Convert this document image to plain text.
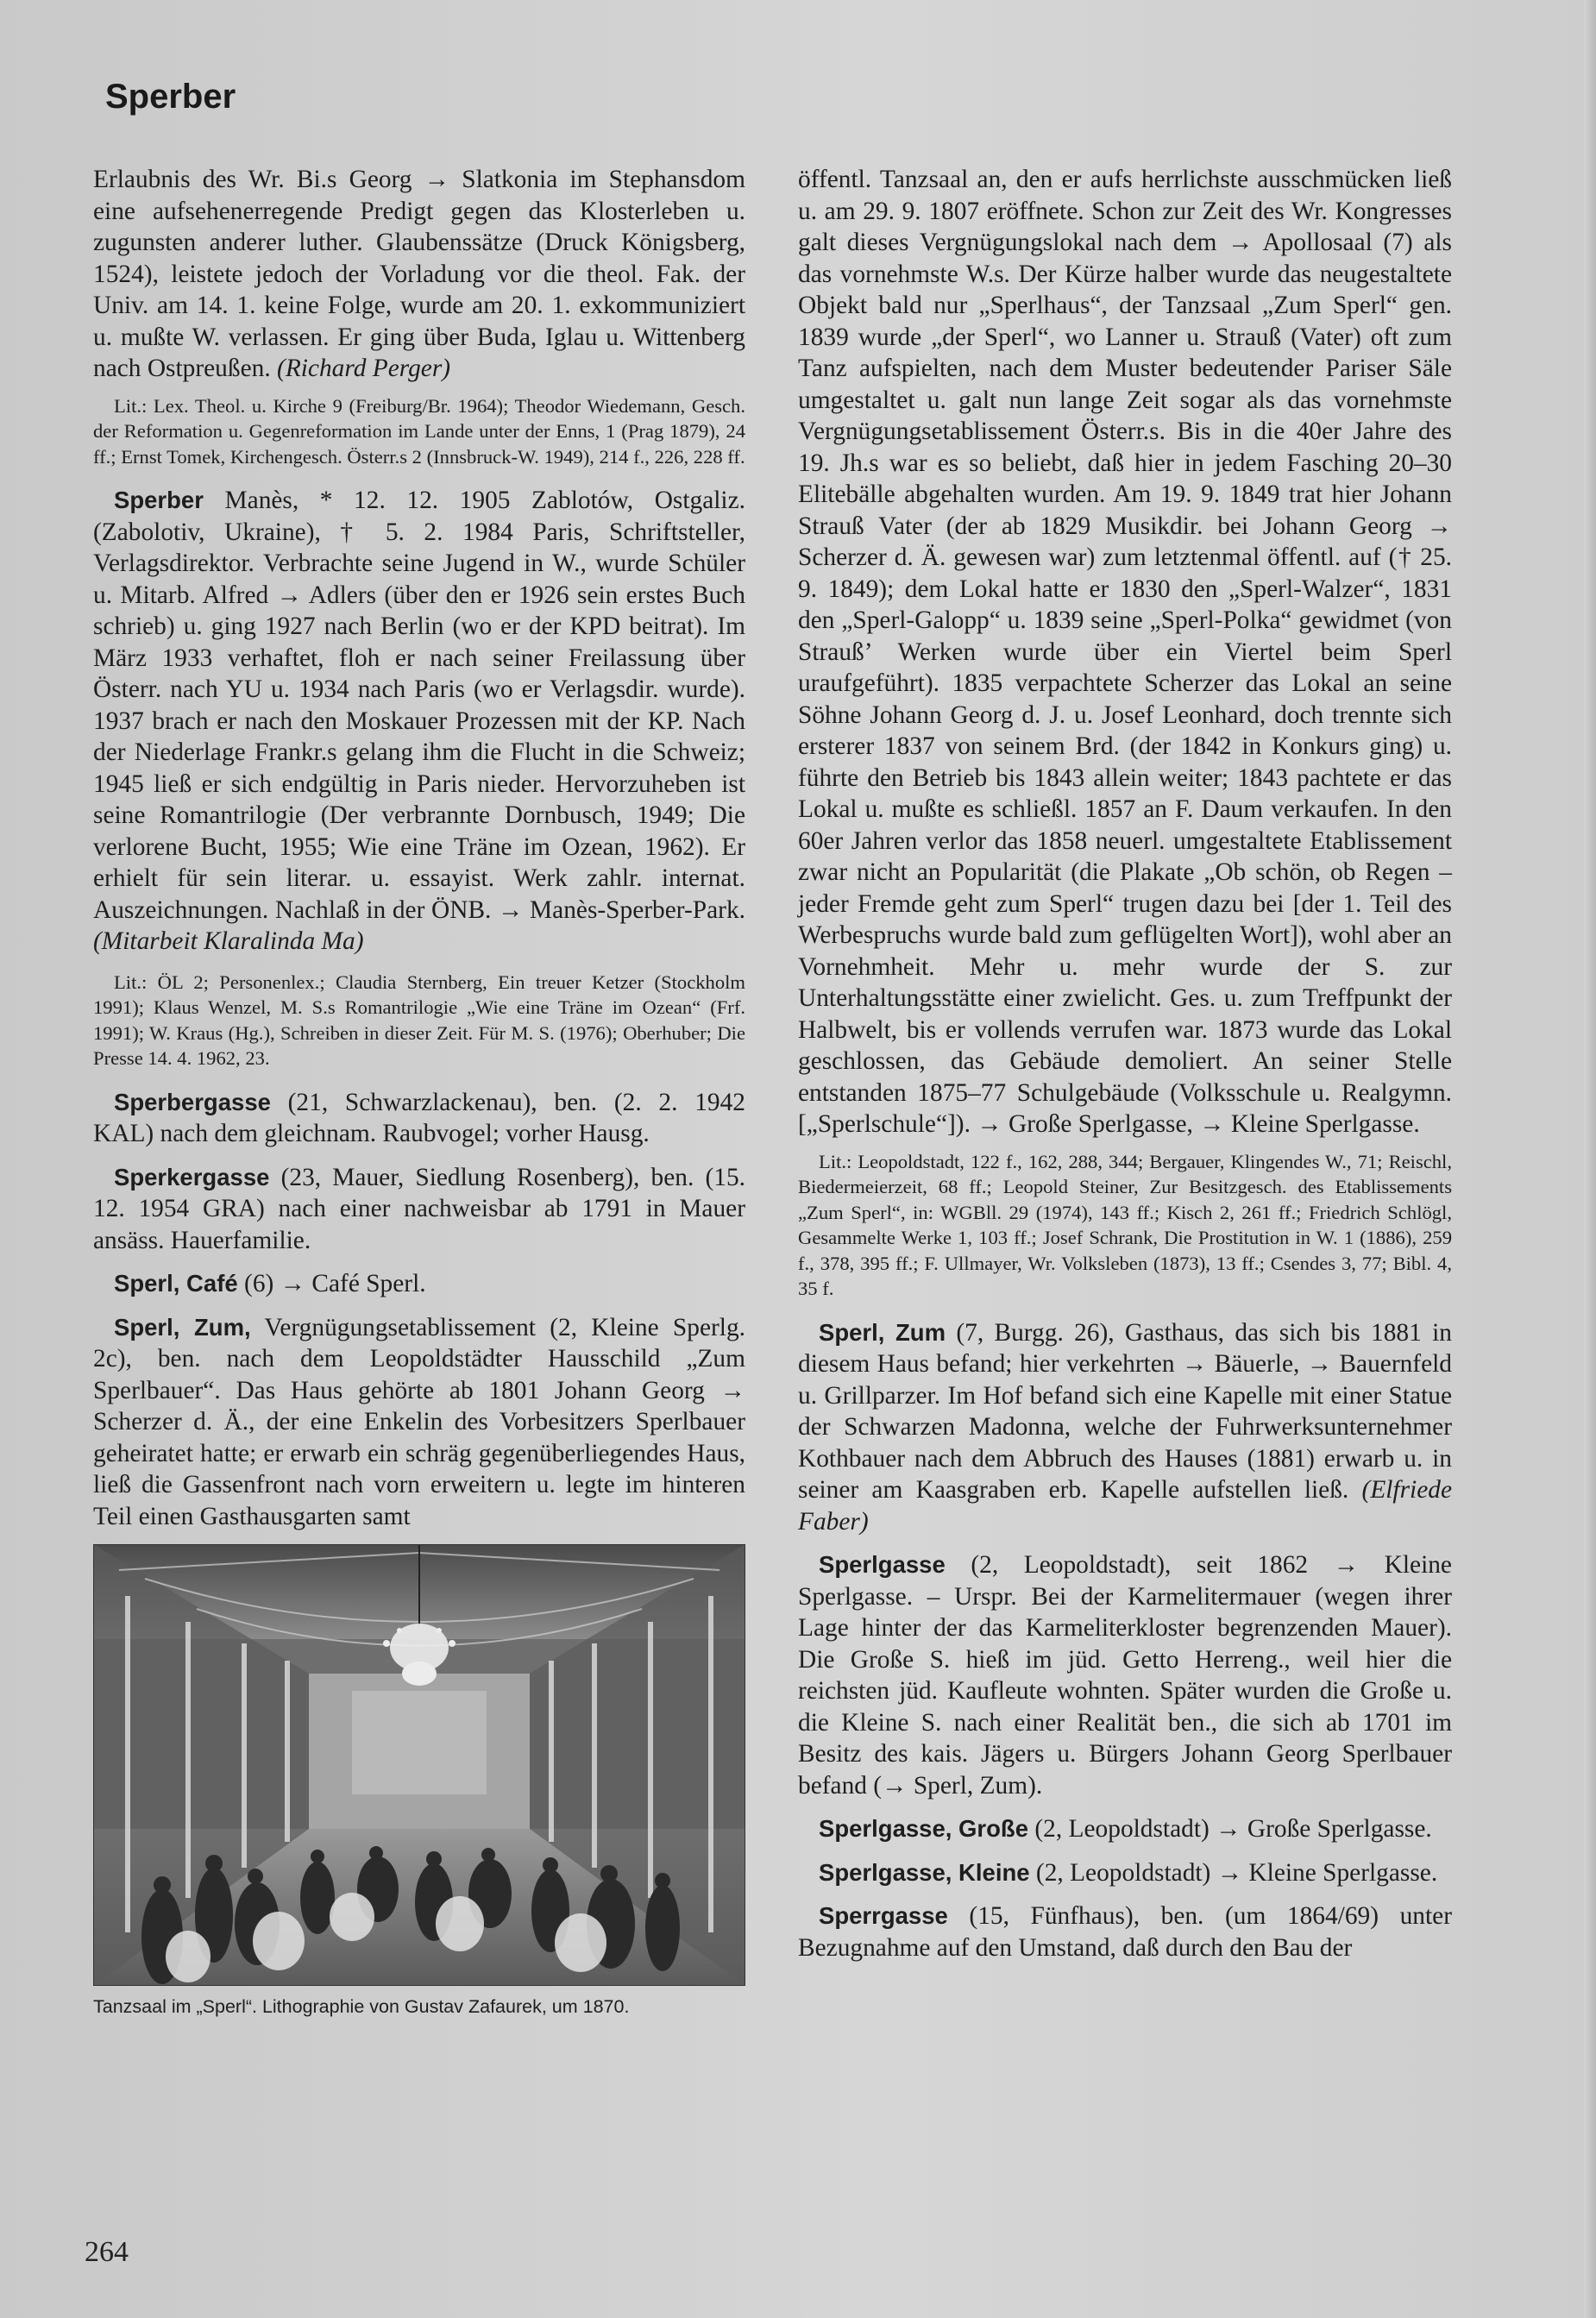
Sperber

Erlaubnis des Wr. Bi.s Georg → Slatkonia im Stephansdom eine aufsehenerregende Predigt gegen das Klosterleben u. zugunsten anderer luther. Glaubenssätze (Druck Königsberg, 1524), leistete jedoch der Vorladung vor die theol. Fak. der Univ. am 14. 1. keine Folge, wurde am 20. 1. exkommuniziert u. mußte W. verlassen. Er ging über Buda, Iglau u. Wittenberg nach Ostpreußen. (Richard Perger)

Lit.: Lex. Theol. u. Kirche 9 (Freiburg/Br. 1964); Theodor Wiedemann, Gesch. der Reformation u. Gegenreformation im Lande unter der Enns, 1 (Prag 1879), 24 ff.; Ernst Tomek, Kirchengesch. Österr.s 2 (Innsbruck-W. 1949), 214 f., 226, 228 ff.

Sperber Manès, * 12. 12. 1905 Zablotów, Ostgaliz. (Zabolotiv, Ukraine), † 5. 2. 1984 Paris, Schriftsteller, Verlagsdirektor. Verbrachte seine Jugend in W., wurde Schüler u. Mitarb. Alfred → Adlers (über den er 1926 sein erstes Buch schrieb) u. ging 1927 nach Berlin (wo er der KPD beitrat). Im März 1933 verhaftet, floh er nach seiner Freilassung über Österr. nach YU u. 1934 nach Paris (wo er Verlagsdir. wurde). 1937 brach er nach den Moskauer Prozessen mit der KP. Nach der Niederlage Frankr.s gelang ihm die Flucht in die Schweiz; 1945 ließ er sich endgültig in Paris nieder. Hervorzuheben ist seine Romantrilogie (Der verbrannte Dornbusch, 1949; Die verlorene Bucht, 1955; Wie eine Träne im Ozean, 1962). Er erhielt für sein literar. u. essayist. Werk zahlr. internat. Auszeichnungen. Nachlaß in der ÖNB. → Manès-Sperber-Park. (Mitarbeit Klaralinda Ma)

Lit.: ÖL 2; Personenlex.; Claudia Sternberg, Ein treuer Ketzer (Stockholm 1991); Klaus Wenzel, M. S.s Romantrilogie „Wie eine Träne im Ozean“ (Frf. 1991); W. Kraus (Hg.), Schreiben in dieser Zeit. Für M. S. (1976); Oberhuber; Die Presse 14. 4. 1962, 23.

Sperbergasse (21, Schwarzlackenau), ben. (2. 2. 1942 KAL) nach dem gleichnam. Raubvogel; vorher Hausg.

Sperkergasse (23, Mauer, Siedlung Rosenberg), ben. (15. 12. 1954 GRA) nach einer nachweisbar ab 1791 in Mauer ansäss. Hauerfamilie.

Sperl, Café (6) → Café Sperl.

Sperl, Zum, Vergnügungsetablissement (2, Kleine Sperlg. 2c), ben. nach dem Leopoldstädter Hausschild „Zum Sperlbauer“. Das Haus gehörte ab 1801 Johann Georg → Scherzer d. Ä., der eine Enkelin des Vorbesitzers Sperlbauer geheiratet hatte; er erwarb ein schräg gegenüberliegendes Haus, ließ die Gassenfront nach vorn erweitern u. legte im hinteren Teil einen Gasthausgarten samt

Tanzsaal im „Sperl“. Lithographie von Gustav Zafaurek, um 1870.

öffentl. Tanzsaal an, den er aufs herrlichste ausschmücken ließ u. am 29. 9. 1807 eröffnete. Schon zur Zeit des Wr. Kongresses galt dieses Vergnügungslokal nach dem → Apollosaal (7) als das vornehmste W.s. Der Kürze halber wurde das neugestaltete Objekt bald nur „Sperlhaus“, der Tanzsaal „Zum Sperl“ gen. 1839 wurde „der Sperl“, wo Lanner u. Strauß (Vater) oft zum Tanz aufspielten, nach dem Muster bedeutender Pariser Säle umgestaltet u. galt nun lange Zeit sogar als das vornehmste Vergnügungsetablissement Österr.s. Bis in die 40er Jahre des 19. Jh.s war es so beliebt, daß hier in jedem Fasching 20–30 Elitebälle abgehalten wurden. Am 19. 9. 1849 trat hier Johann Strauß Vater (der ab 1829 Musikdir. bei Johann Georg → Scherzer d. Ä. gewesen war) zum letztenmal öffentl. auf († 25. 9. 1849); dem Lokal hatte er 1830 den „Sperl-Walzer“, 1831 den „Sperl-Galopp“ u. 1839 seine „Sperl-Polka“ gewidmet (von Strauß’ Werken wurde über ein Viertel beim Sperl uraufgeführt). 1835 verpachtete Scherzer das Lokal an seine Söhne Johann Georg d. J. u. Josef Leonhard, doch trennte sich ersterer 1837 von seinem Brd. (der 1842 in Konkurs ging) u. führte den Betrieb bis 1843 allein weiter; 1843 pachtete er das Lokal u. mußte es schließl. 1857 an F. Daum verkaufen. In den 60er Jahren verlor das 1858 neuerl. umgestaltete Etablissement zwar nicht an Popularität (die Plakate „Ob schön, ob Regen – jeder Fremde geht zum Sperl“ trugen dazu bei [der 1. Teil des Werbespruchs wurde bald zum geflügelten Wort]), wohl aber an Vornehmheit. Mehr u. mehr wurde der S. zur Unterhaltungsstätte einer zwielicht. Ges. u. zum Treffpunkt der Halbwelt, bis er vollends verrufen war. 1873 wurde das Lokal geschlossen, das Gebäude demoliert. An seiner Stelle entstanden 1875–77 Schulgebäude (Volksschule u. Realgymn. [„Sperlschule“]). → Große Sperlgasse, → Kleine Sperlgasse.

Lit.: Leopoldstadt, 122 f., 162, 288, 344; Bergauer, Klingendes W., 71; Reischl, Biedermeierzeit, 68 ff.; Leopold Steiner, Zur Besitzgesch. des Etablissements „Zum Sperl“, in: WGBll. 29 (1974), 143 ff.; Kisch 2, 261 ff.; Friedrich Schlögl, Gesammelte Werke 1, 103 ff.; Josef Schrank, Die Prostitution in W. 1 (1886), 259 f., 378, 395 ff.; F. Ullmayer, Wr. Volksleben (1873), 13 ff.; Csendes 3, 77; Bibl. 4, 35 f.

Sperl, Zum (7, Burgg. 26), Gasthaus, das sich bis 1881 in diesem Haus befand; hier verkehrten → Bäuerle, → Bauernfeld u. Grillparzer. Im Hof befand sich eine Kapelle mit einer Statue der Schwarzen Madonna, welche der Fuhrwerksunternehmer Kothbauer nach dem Abbruch des Hauses (1881) erwarb u. in seiner am Kaasgraben erb. Kapelle aufstellen ließ. (Elfriede Faber)

Sperlgasse (2, Leopoldstadt), seit 1862 → Kleine Sperlgasse. – Urspr. Bei der Karmelitermauer (wegen ihrer Lage hinter der das Karmeliterkloster begrenzenden Mauer). Die Große S. hieß im jüd. Getto Herreng., weil hier die reichsten jüd. Kaufleute wohnten. Später wurden die Große u. die Kleine S. nach einer Realität ben., die sich ab 1701 im Besitz des kais. Jägers u. Bürgers Johann Georg Sperlbauer befand (→ Sperl, Zum).

Sperlgasse, Große (2, Leopoldstadt) → Große Sperlgasse.

Sperlgasse, Kleine (2, Leopoldstadt) → Kleine Sperlgasse.

Sperrgasse (15, Fünfhaus), ben. (um 1864/69) unter Bezugnahme auf den Umstand, daß durch den Bau der

264
